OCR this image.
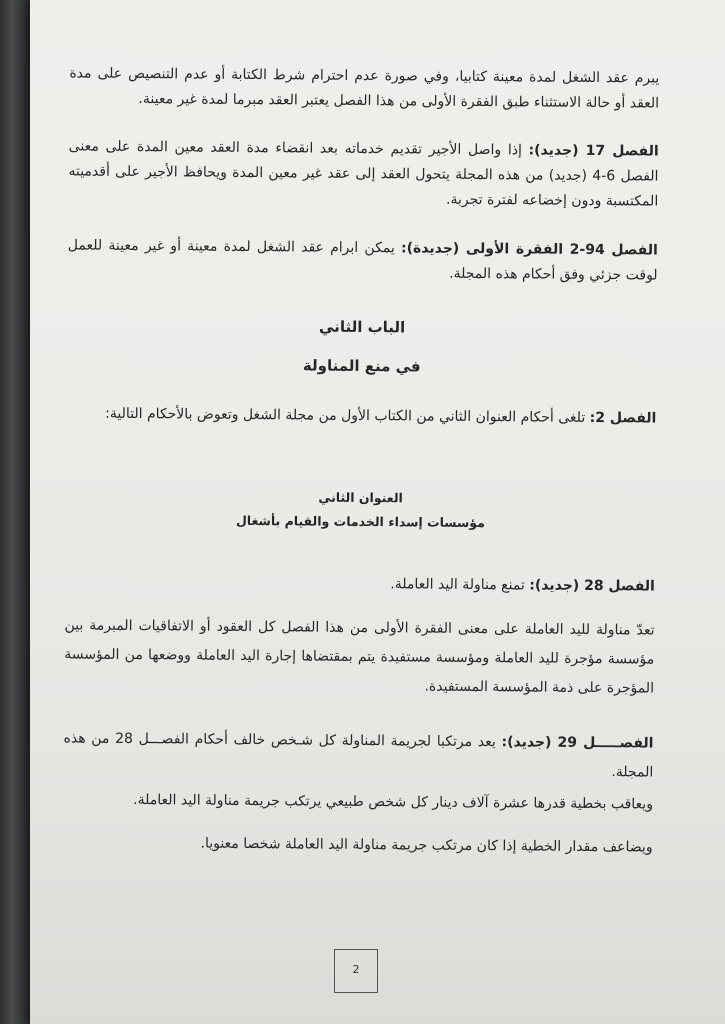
يبرم عقد الشغل لمدة معينة كتابيا، وفي صورة عدم احترام شرط الكتابة أو عدم التنصيص على مدة العقد أو حالة الاستثناء طبق الفقرة الأولى من هذا الفصل يعتبر العقد مبرما لمدة غير معينة.

الفصل 17 (جديد): إذا واصل الأجير تقديم خدماته بعد انقضاء مدة العقد معين المدة على معنى الفصل 6-4 (جديد) من هذه المجلة يتحول العقد إلى عقد غير معين المدة ويحافظ الأجير على أقدميته المكتسبة ودون إخضاعه لفترة تجربة.

الفصل 94-2 الفقرة الأولى (جديدة): يمكن ابرام عقد الشغل لمدة معينة أو غير معينة للعمل لوقت جزئي وفق أحكام هذه المجلة.

الباب الثاني

في منع المناولة

الفصل 2: تلغى أحكام العنوان الثاني من الكتاب الأول من مجلة الشغل وتعوض بالأحكام التالية:

العنوان الثاني

مؤسسات إسداء الخدمات والقيام بأشغال

الفصل 28 (جديد): تمنع مناولة اليد العاملة.

تعدّ مناولة لليد العاملة على معنى الفقرة الأولى من هذا الفصل كل العقود أو الاتفاقيات المبرمة بين مؤسسة مؤجرة لليد العاملة ومؤسسة مستفيدة يتم بمقتضاها إجارة اليد العاملة ووضعها من المؤسسة المؤجرة على ذمة المؤسسة المستفيدة.

الفصـــــل 29 (جديد): يعد مرتكبا لجريمة المناولة كل شـخص خالف أحكام الفصـــل 28 من هذه المجلة.

ويعاقب بخطية قدرها عشرة آلاف دينار كل شخص طبيعي يرتكب جريمة مناولة اليد العاملة.

ويضاعف مقدار الخطية إذا كان مرتكب جريمة مناولة اليد العاملة شخصا معنويا.

2
